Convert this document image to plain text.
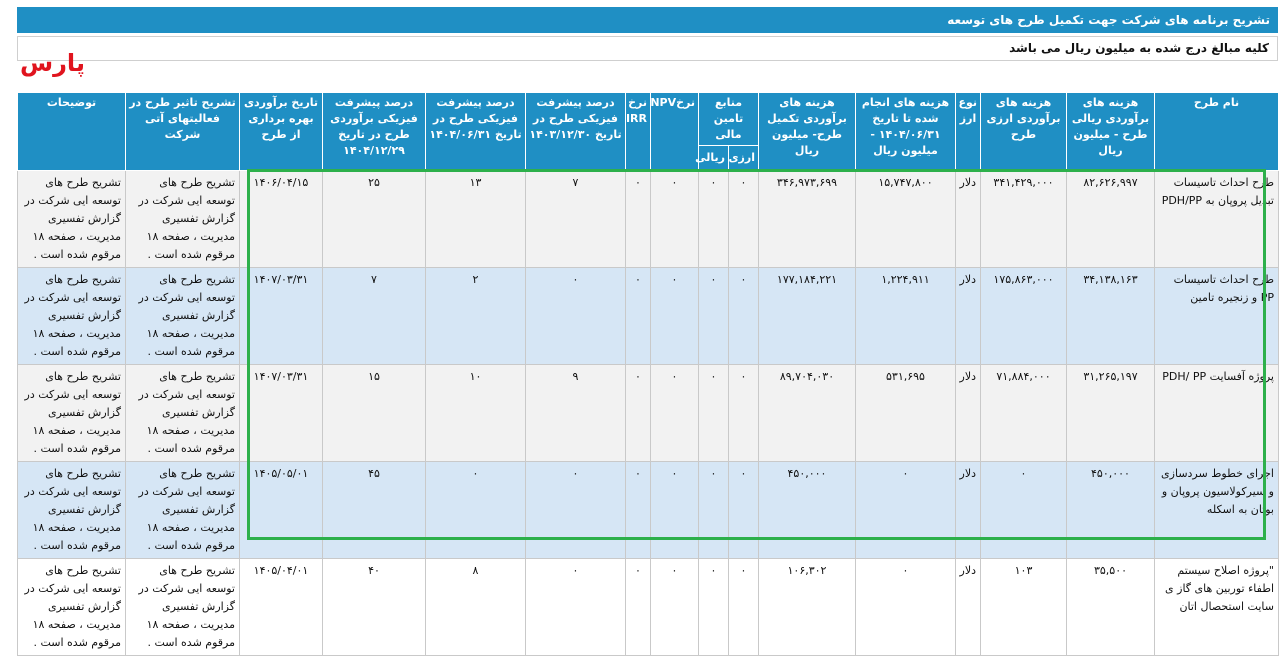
تشریح برنامه های شرکت جهت تکمیل طرح های توسعه
کلیه مبالغ درج شده به میلیون ریال می باشد
پارس
نام طرح	هزینه های برآوردی ریالی طرح - میلیون ریال	هزینه های برآوردی ارزی طرح	نوع ارز	هزینه های انجام شده تا تاریخ ۱۴۰۴/۰۶/۳۱ - میلیون ریال	هزینه های برآوردی تکمیل طرح- میلیون ریال	منابع تامین مالی		نرخNPV	نرخ IRR	درصد پیشرفت فیزیکی طرح در تاریخ ۱۴۰۳/۱۲/۳۰	درصد پیشرفت فیزیکی طرح در تاریخ ۱۴۰۴/۰۶/۳۱	درصد پیشرفت فیزیکی برآوردی طرح در تاریخ ۱۴۰۴/۱۲/۲۹	تاریخ برآوردی بهره برداری از طرح	تشریح تاثیر طرح در فعالیتهای آتی شرکت	توضیحات
						ارزی	ریالی								
طرح احداث تاسیسات تبدیل پروپان به PDH/PP	۸۲,۶۲۶,۹۹۷	۳۴۱,۴۲۹,۰۰۰	دلار	۱۵,۷۴۷,۸۰۰	۳۴۶,۹۷۳,۶۹۹	۰	۰	۰	۰	۷	۱۳	۲۵	۱۴۰۶/۰۴/۱۵	تشریح طرح های توسعه ایی شرکت در گزارش تفسیری مدیریت ، صفحه ۱۸ مرقوم شده است .	تشریح طرح های توسعه ایی شرکت در گزارش تفسیری مدیریت ، صفحه ۱۸ مرقوم شده است .
طرح احداث تاسیسات PP و زنجیره تامین	۳۴,۱۳۸,۱۶۳	۱۷۵,۸۶۳,۰۰۰	دلار	۱,۲۲۴,۹۱۱	۱۷۷,۱۸۴,۲۲۱	۰	۰	۰	۰	۰	۲	۷	۱۴۰۷/۰۳/۳۱	تشریح طرح های توسعه ایی شرکت در گزارش تفسیری مدیریت ، صفحه ۱۸ مرقوم شده است .	تشریح طرح های توسعه ایی شرکت در گزارش تفسیری مدیریت ، صفحه ۱۸ مرقوم شده است .
پروژه آفسایت PDH/ PP	۳۱,۲۶۵,۱۹۷	۷۱,۸۸۴,۰۰۰	دلار	۵۳۱,۶۹۵	۸۹,۷۰۴,۰۳۰	۰	۰	۰	۰	۹	۱۰	۱۵	۱۴۰۷/۰۳/۳۱	تشریح طرح های توسعه ایی شرکت در گزارش تفسیری مدیریت ، صفحه ۱۸ مرقوم شده است .	تشریح طرح های توسعه ایی شرکت در گزارش تفسیری مدیریت ، صفحه ۱۸ مرقوم شده است .
اجرای خطوط سردسازی و سیرکولاسیون پروپان و بوتان به اسکله	۴۵۰,۰۰۰	۰	دلار	۰	۴۵۰,۰۰۰	۰	۰	۰	۰	۰	۰	۴۵	۱۴۰۵/۰۵/۰۱	تشریح طرح های توسعه ایی شرکت در گزارش تفسیری مدیریت ، صفحه ۱۸ مرقوم شده است .	تشریح طرح های توسعه ایی شرکت در گزارش تفسیری مدیریت ، صفحه ۱۸ مرقوم شده است .
"پروژه اصلاح سیستم اطفاء توربین های گاز ی سایت استحصال اتان	۳۵,۵۰۰	۱۰۳	دلار	۰	۱۰۶,۳۰۲	۰	۰	۰	۰	۰	۸	۴۰	۱۴۰۵/۰۴/۰۱	تشریح طرح های توسعه ایی شرکت در گزارش تفسیری مدیریت ، صفحه ۱۸ مرقوم شده است .	تشریح طرح های توسعه ایی شرکت در گزارش تفسیری مدیریت ، صفحه ۱۸ مرقوم شده است .
